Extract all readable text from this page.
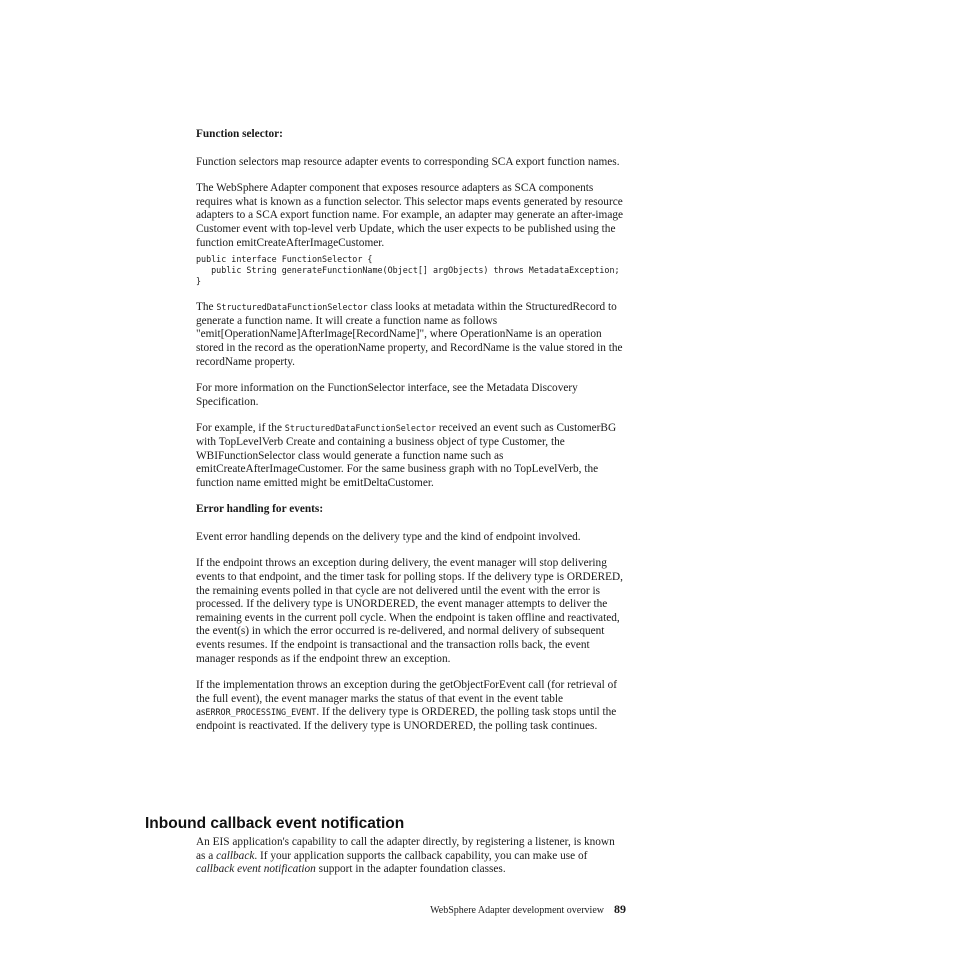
Function selector:

Function selectors map resource adapter events to corresponding SCA export function names.

The WebSphere Adapter component that exposes resource adapters as SCA components requires what is known as a function selector. This selector maps events generated by resource adapters to a SCA export function name. For example, an adapter may generate an after-image Customer event with top-level verb Update, which the user expects to be published using the function emitCreateAfterImageCustomer.

public interface FunctionSelector {
public String generateFunctionName(Object[] argObjects) throws MetadataException;
}

The StructuredDataFunctionSelector class looks at metadata within the StructuredRecord to generate a function name. It will create a function name as follows "emit[OperationName]AfterImage[RecordName]", where OperationName is an operation stored in the record as the operationName property, and RecordName is the value stored in the recordName property.

For more information on the FunctionSelector interface, see the Metadata Discovery Specification.

For example, if the StructuredDataFunctionSelector received an event such as CustomerBG with TopLevelVerb Create and containing a business object of type Customer, the WBIFunctionSelector class would generate a function name such as emitCreateAfterImageCustomer. For the same business graph with no TopLevelVerb, the function name emitted might be emitDeltaCustomer.

Error handling for events:

Event error handling depends on the delivery type and the kind of endpoint involved.

If the endpoint throws an exception during delivery, the event manager will stop delivering events to that endpoint, and the timer task for polling stops. If the delivery type is ORDERED, the remaining events polled in that cycle are not delivered until the event with the error is processed. If the delivery type is UNORDERED, the event manager attempts to deliver the remaining events in the current poll cycle. When the endpoint is taken offline and reactivated, the event(s) in which the error occurred is re-delivered, and normal delivery of subsequent events resumes. If the endpoint is transactional and the transaction rolls back, the event manager responds as if the endpoint threw an exception.

If the implementation throws an exception during the getObjectForEvent call (for retrieval of the full event), the event manager marks the status of that event in the event table asERROR_PROCESSING_EVENT. If the delivery type is ORDERED, the polling task stops until the endpoint is reactivated. If the delivery type is UNORDERED, the polling task continues.

Inbound callback event notification

An EIS application's capability to call the adapter directly, by registering a listener, is known as a callback. If your application supports the callback capability, you can make use of callback event notification support in the adapter foundation classes.

WebSphere Adapter development overview 89
